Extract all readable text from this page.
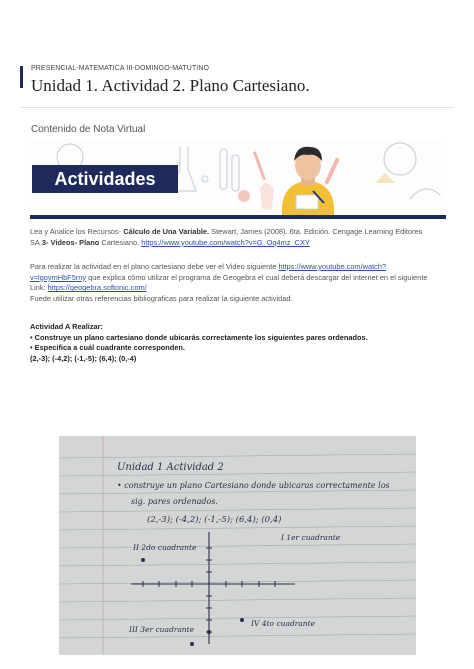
PRESENCIAL-MATEMATICA III-DOMINGO-MATUTINO
Unidad 1. Actividad 2. Plano Cartesiano.
Contenido de Nota Virtual
Actividades
Lea y Analice los Recursos- Cálculo de Una Variable. Stewart, James (2008). 6ta. Edición. Cengage Learning Editores SA.3- Videos- Plano Cartesiano. https://www.youtube.com/watch?v=G_Oq4mz_CXY
Para realizar la actividad en el plano cartesiano debe ver el Video siguiente https://www.youtube.com/watch?v=lgoymHbF5rny que explica cómo utilizar el programa de Geogebra el cual deberá descargar del internet en el siguiente Link: https://geogebra.softonic.com/
Fuede utilizar otras referencias bibliograficas para realizar la siguiente actividad.
Actividad A Realizar:
• Construye un plano cartesiano donde ubicarás correctamente los siguientes pares ordenados.
• Especifica a cuál cuadrante corresponden.
(2,-3); (-4,2); (-1,-5); (6,4); (0,-4)
Unidad 1 Actividad 2
• construye un plano Cartesiano donde ubicaras correctamente los
sig. pares ordenados.
(2,-3); (-4,2); (-1,-5); (6,4); (0,4)
II 2do cuadrante
I 1er cuadrante
III 3er cuadrante
IV 4to cuadrante
